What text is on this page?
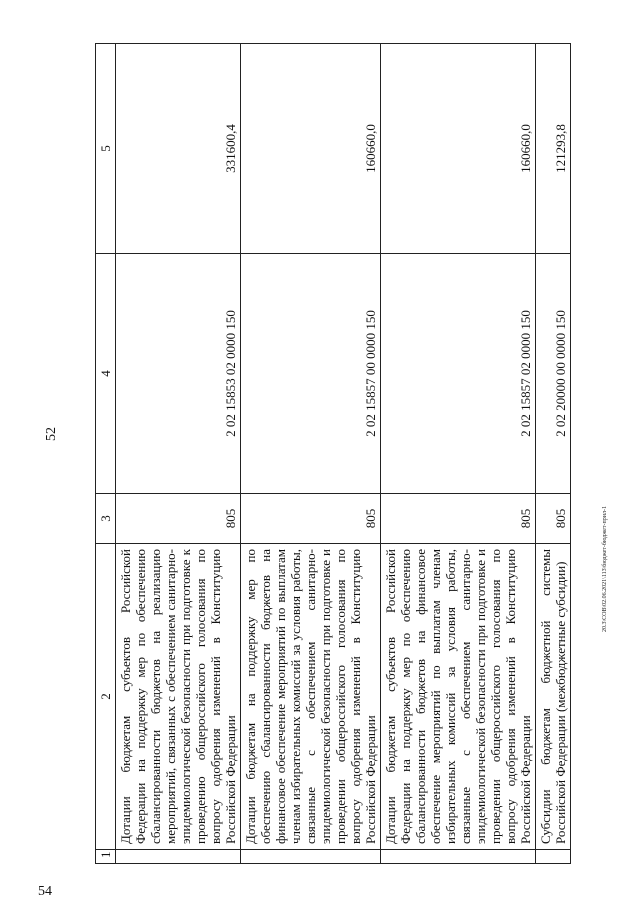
52
54
20.3\СОВ\02.06.2021\113\бюджет-бюджет-прил-1
1	2	3	4	5
	Дотации бюджетам субъектов Российской Федерации на поддержку мер по обеспечению сбалансированности бюджетов на реализацию мероприятий, связанных с обеспечением санитарно-эпидемиологической безопасности при подготовке к проведению общероссийского голосования по вопросу одобрения изменений в Конституцию Российской Федерации	805	2 02 15853 02 0000 150	331600,4
	Дотации бюджетам на поддержку мер по обеспечению сбалансированности бюджетов на финансовое обеспечение мероприятий по выплатам членам избирательных комиссий за условия работы, связанные с обеспечением санитарно-эпидемиологической безопасности при подготовке и проведении общероссийского голосования по вопросу одобрения изменений в Конституцию Российской Федерации	805	2 02 15857 00 0000 150	160660,0
	Дотации бюджетам субъектов Российской Федерации на поддержку мер по обеспечению сбалансированности бюджетов на финансовое обеспечение мероприятий по выплатам членам избирательных комиссий за условия работы, связанные с обеспечением санитарно-эпидемиологической безопасности при подготовке и проведении общероссийского голосования по вопросу одобрения изменений в Конституцию Российской Федерации	805	2 02 15857 02 0000 150	160660,0
	Субсидии бюджетам бюджетной системы Российской Федерации (межбюджетные субсидии)	805	2 02 20000 00 0000 150	121293,8
